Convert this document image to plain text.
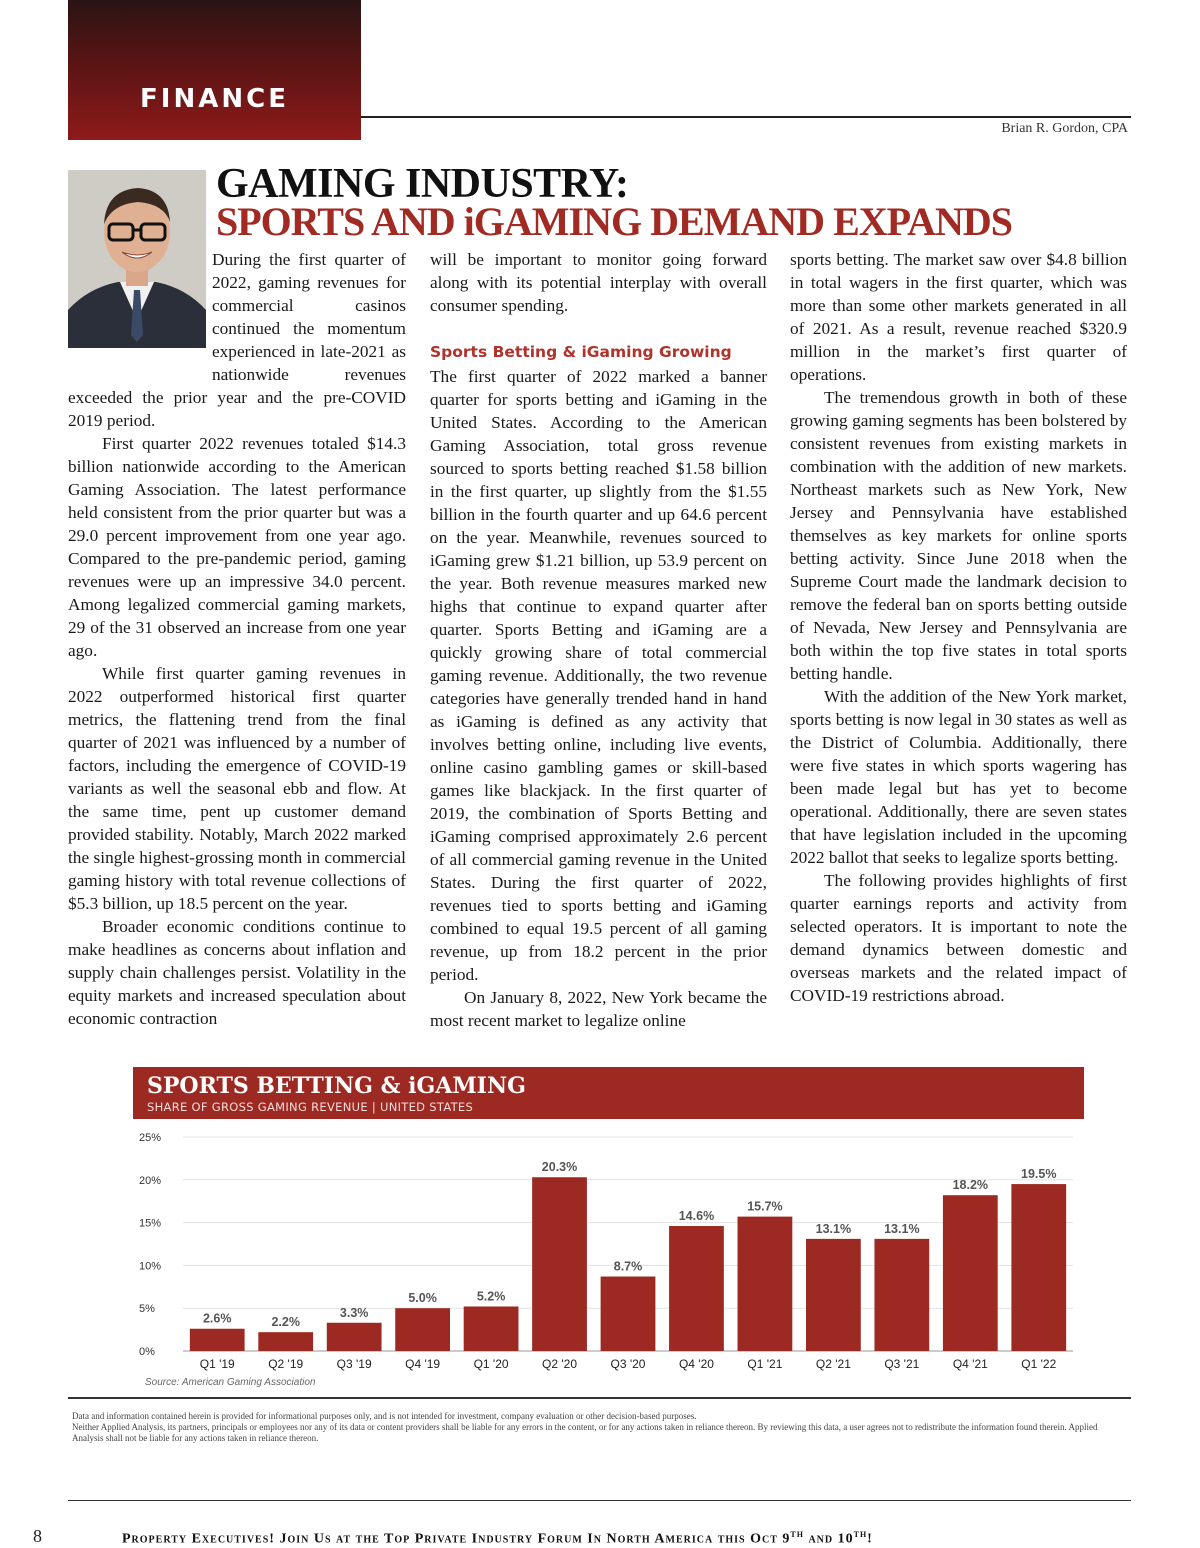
FINANCE
Brian R. Gordon, CPA
GAMING INDUSTRY:
SPORTS AND iGAMING DEMAND EXPANDS

During the first quarter of 2022, gaming revenues for commercial casinos continued the momentum experienced in late-2021 as nationwide revenues exceeded the prior year and the pre-COVID 2019 period.

First quarter 2022 revenues totaled $14.3 billion nationwide according to the American Gaming Association. The latest performance held consistent from the prior quarter but was a 29.0 percent improvement from one year ago. Compared to the pre-pandemic period, gaming revenues were up an impressive 34.0 percent. Among legalized commercial gaming markets, 29 of the 31 observed an increase from one year ago.

While first quarter gaming revenues in 2022 outperformed historical first quarter metrics, the flattening trend from the final quarter of 2021 was influenced by a number of factors, including the emergence of COVID-19 variants as well the seasonal ebb and flow. At the same time, pent up customer demand provided stability. Notably, March 2022 marked the single highest-grossing month in commercial gaming history with total revenue collections of $5.3 billion, up 18.5 percent on the year.

Broader economic conditions continue to make headlines as concerns about inflation and supply chain challenges persist. Volatility in the equity markets and increased speculation about economic contraction

will be important to monitor going forward along with its potential interplay with overall consumer spending.

Sports Betting & iGaming Growing

The first quarter of 2022 marked a banner quarter for sports betting and iGaming in the United States. According to the American Gaming Association, total gross revenue sourced to sports betting reached $1.58 billion in the first quarter, up slightly from the $1.55 billion in the fourth quarter and up 64.6 percent on the year. Meanwhile, revenues sourced to iGaming grew $1.21 billion, up 53.9 percent on the year. Both revenue measures marked new highs that continue to expand quarter after quarter. Sports Betting and iGaming are a quickly growing share of total commercial gaming revenue. Additionally, the two revenue categories have generally trended hand in hand as iGaming is defined as any activity that involves betting online, including live events, online casino gambling games or skill-based games like blackjack. In the first quarter of 2019, the combination of Sports Betting and iGaming comprised approximately 2.6 percent of all commercial gaming revenue in the United States. During the first quarter of 2022, revenues tied to sports betting and iGaming combined to equal 19.5 percent of all gaming revenue, up from 18.2 percent in the prior period.

On January 8, 2022, New York became the most recent market to legalize online

sports betting. The market saw over $4.8 billion in total wagers in the first quarter, which was more than some other markets generated in all of 2021. As a result, revenue reached $320.9 million in the market’s first quarter of operations.

The tremendous growth in both of these growing gaming segments has been bolstered by consistent revenues from existing markets in combination with the addition of new markets. Northeast markets such as New York, New Jersey and Pennsylvania have established themselves as key markets for online sports betting activity. Since June 2018 when the Supreme Court made the landmark decision to remove the federal ban on sports betting outside of Nevada, New Jersey and Pennsylvania are both within the top five states in total sports betting handle.

With the addition of the New York market, sports betting is now legal in 30 states as well as the District of Columbia. Additionally, there were five states in which sports wagering has been made legal but has yet to become operational. Additionally, there are seven states that have legislation included in the upcoming 2022 ballot that seeks to legalize sports betting.

The following provides highlights of first quarter earnings reports and activity from selected operators. It is important to note the demand dynamics between domestic and overseas markets and the related impact of COVID-19 restrictions abroad.

SPORTS BETTING & iGAMING
SHARE OF GROSS GAMING REVENUE | UNITED STATES
0%
5%
10%
15%
20%
25%
2.6%
Q1 '19
2.2%
Q2 '19
3.3%
Q3 '19
5.0%
Q4 '19
5.2%
Q1 '20
20.3%
Q2 '20
8.7%
Q3 '20
14.6%
Q4 '20
15.7%
Q1 '21
13.1%
Q2 '21
13.1%
Q3 '21
18.2%
Q4 '21
19.5%
Q1 '22
Source: American Gaming Association

Data and information contained herein is provided for informational purposes only, and is not intended for investment, company evaluation or other decision-based purposes.

Neither Applied Analysis, its partners, principals or employees nor any of its data or content providers shall be liable for any errors in the content, or for any actions taken in reliance thereon. By reviewing this data, a user agrees not to redistribute the information found therein. Applied Analysis shall not be liable for any actions taken in reliance thereon.

8	Property Executives! Join Us at the Top Private Industry Forum In North America this Oct 9th and 10th!
